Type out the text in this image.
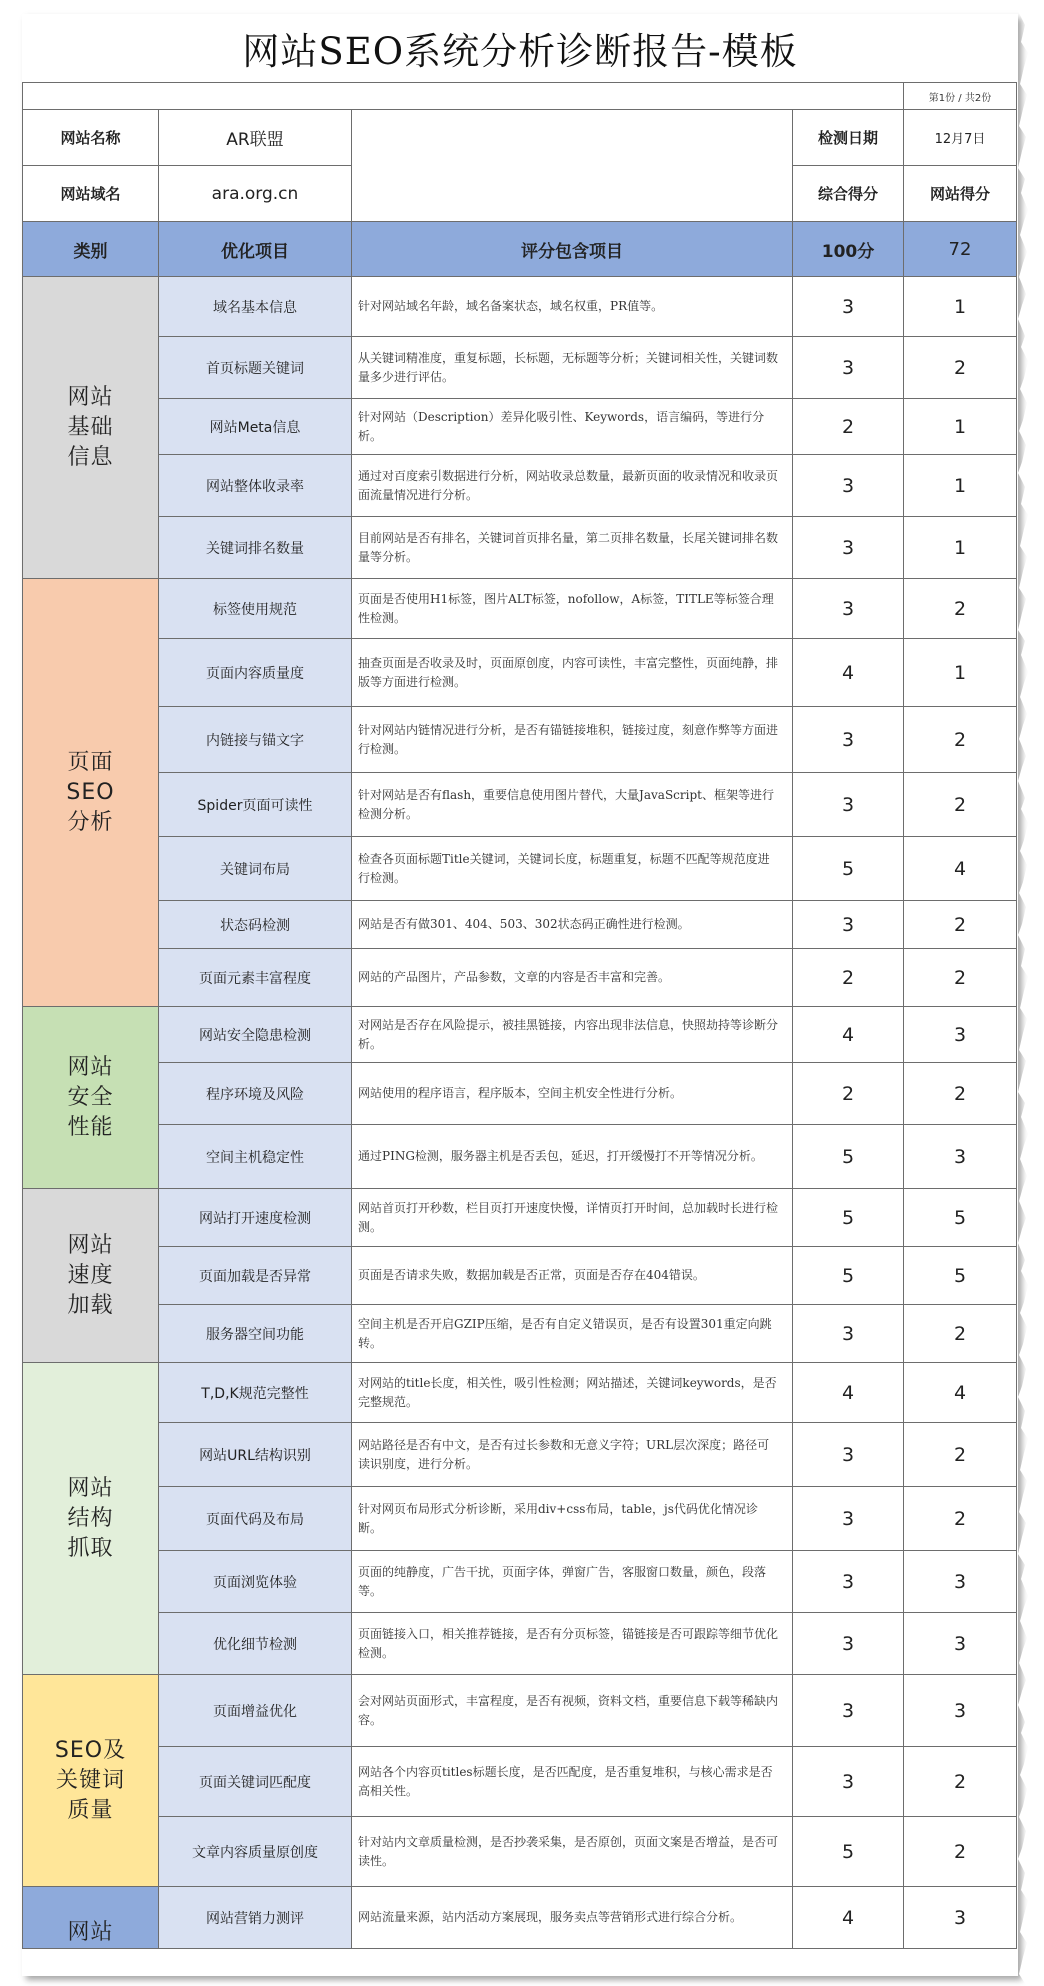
网站SEO系统分析诊断报告-模板
				第1份 / 共2份
网站名称	AR联盟		检测日期	12月7日
网站域名	ara.org.cn		综合得分	网站得分
类别	优化项目	评分包含项目	100分	72
网站
基础
信息	域名基本信息	针对网站域名年龄，域名备案状态，域名权重，PR值等。	3	1
	首页标题关键词	从关键词精准度，重复标题，长标题，无标题等分析；关键词相关性，关键词数量多少进行评估。	3	2
	网站Meta信息	针对网站（Description）差异化吸引性、Keywords，语言编码，等进行分析。	2	1
	网站整体收录率	通过对百度索引数据进行分析，网站收录总数量，最新页面的收录情况和收录页面流量情况进行分析。	3	1
	关键词排名数量	目前网站是否有排名，关键词首页排名量，第二页排名数量，长尾关键词排名数量等分析。	3	1
页面
SEO
分析	标签使用规范	页面是否使用H1标签，图片ALT标签，nofollow，A标签，TITLE等标签合理性检测。	3	2
	页面内容质量度	抽查页面是否收录及时，页面原创度，内容可读性，丰富完整性，页面纯静，排版等方面进行检测。	4	1
	内链接与锚文字	针对网站内链情况进行分析，是否有锚链接堆积，链接过度，刻意作弊等方面进行检测。	3	2
	Spider页面可读性	针对网站是否有flash，重要信息使用图片替代，大量JavaScript、框架等进行检测分析。	3	2
	关键词布局	检查各页面标题Title关键词，关键词长度，标题重复，标题不匹配等规范度进行检测。	5	4
	状态码检测	网站是否有做301、404、503、302状态码正确性进行检测。	3	2
	页面元素丰富程度	网站的产品图片，产品参数，文章的内容是否丰富和完善。	2	2
网站
安全
性能	网站安全隐患检测	对网站是否存在风险提示，被挂黑链接，内容出现非法信息，快照劫持等诊断分析。	4	3
	程序环境及风险	网站使用的程序语言，程序版本，空间主机安全性进行分析。	2	2
	空间主机稳定性	通过PING检测，服务器主机是否丢包，延迟，打开缓慢打不开等情况分析。	5	3
网站
速度
加载	网站打开速度检测	网站首页打开秒数，栏目页打开速度快慢，详情页打开时间，总加载时长进行检测。	5	5
	页面加载是否异常	页面是否请求失败，数据加载是否正常，页面是否存在404错误。	5	5
	服务器空间功能	空间主机是否开启GZIP压缩，是否有自定义错误页，是否有设置301重定向跳转。	3	2
网站
结构
抓取	T,D,K规范完整性	对网站的title长度，相关性，吸引性检测；网站描述，关键词keywords，是否完整规范。	4	4
	网站URL结构识别	网站路径是否有中文，是否有过长参数和无意义字符；URL层次深度；路径可读识别度，进行分析。	3	2
	页面代码及布局	针对网页布局形式分析诊断，采用div+css布局，table，js代码优化情况诊断。	3	2
	页面浏览体验	页面的纯静度，广告干扰，页面字体，弹窗广告，客服窗口数量，颜色，段落等。	3	3
	优化细节检测	页面链接入口，相关推荐链接，是否有分页标签，锚链接是否可跟踪等细节优化检测。	3	3
SEO及
关键词
质量	页面增益优化	会对网站页面形式，丰富程度，是否有视频，资料文档，重要信息下载等稀缺内容。	3	3
	页面关键词匹配度	网站各个内容页titles标题长度，是否匹配度，是否重复堆积，与核心需求是否高相关性。	3	2
	文章内容质量原创度	针对站内文章质量检测，是否抄袭采集，是否原创，页面文案是否增益，是否可读性。	5	2
网站	网站营销力测评	网站流量来源，站内活动方案展现，服务卖点等营销形式进行综合分析。	4	3
